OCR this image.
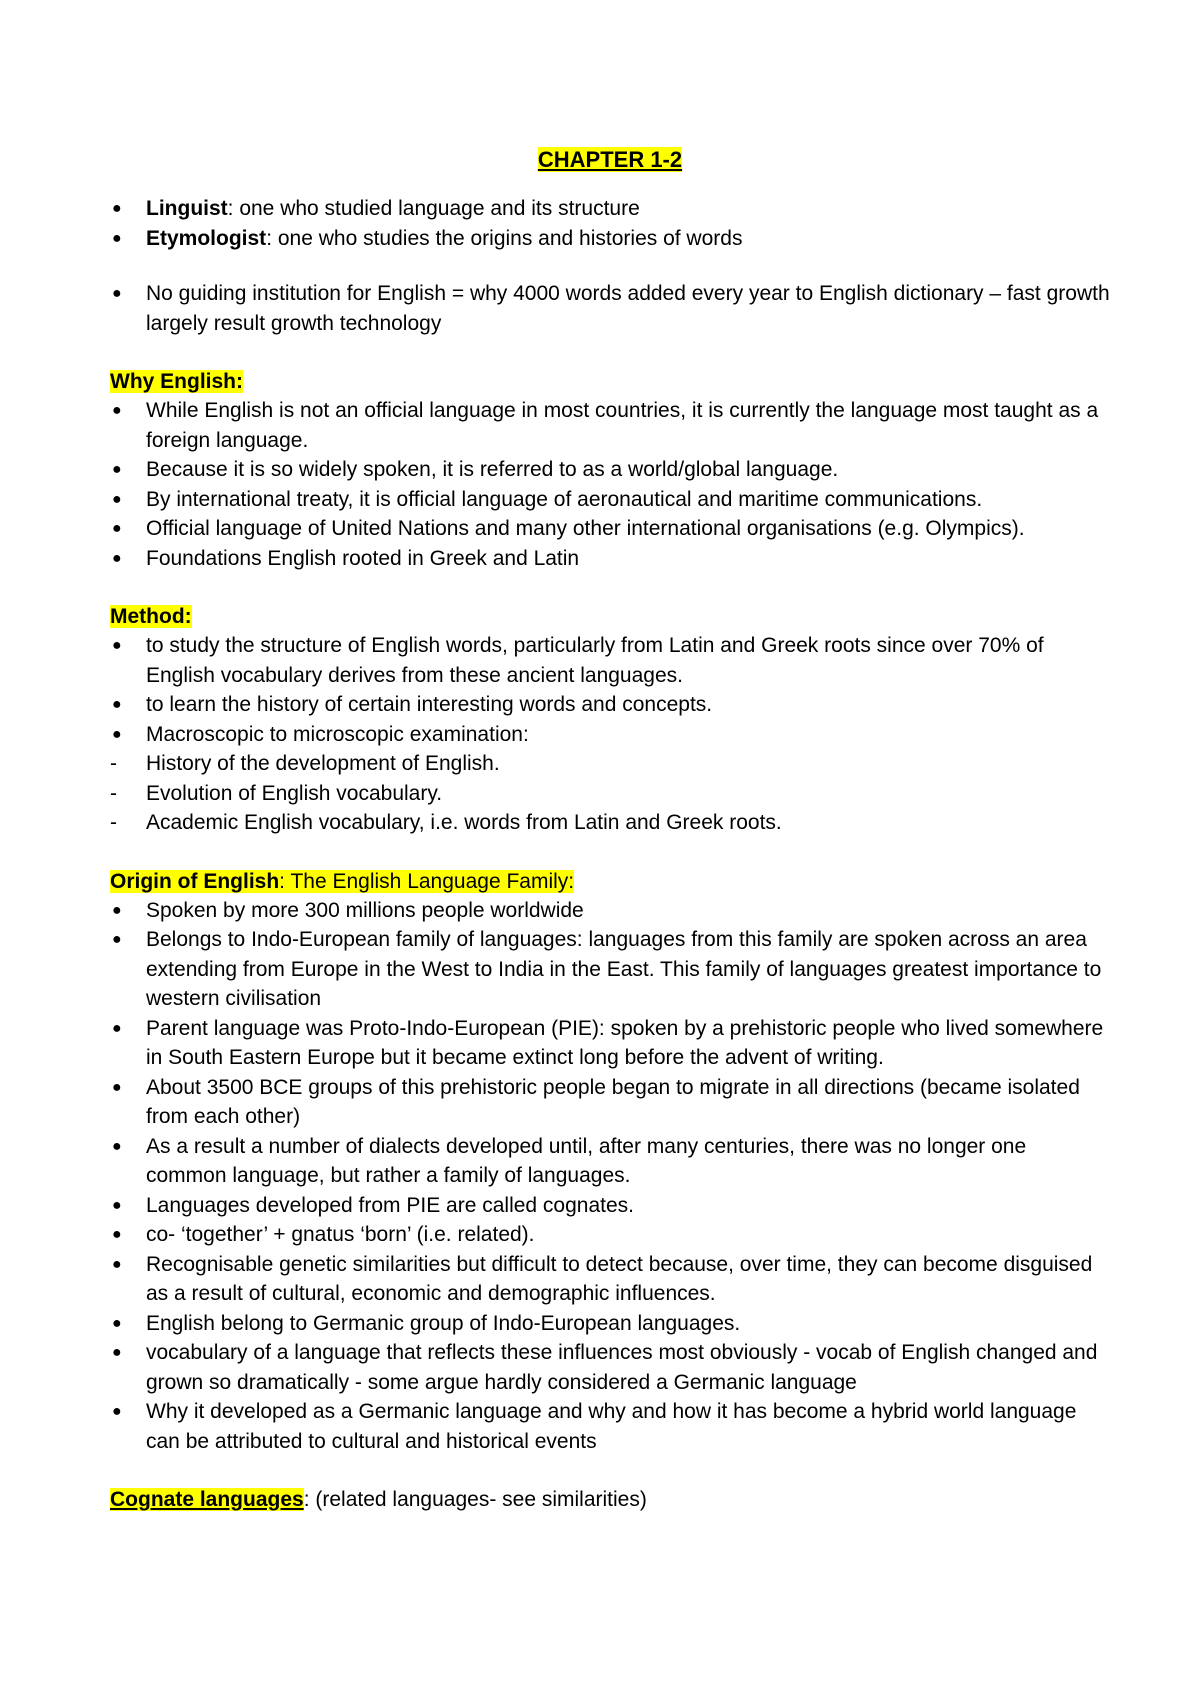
CHAPTER 1-2
●	Linguist: one who studied language and its structure
●	Etymologist: one who studies the origins and histories of words
●	No guiding institution for English = why 4000 words added every year to English dictionary – fast growth largely result growth technology
Why English:
●	While English is not an official language in most countries, it is currently the language most taught as a foreign language.
●	Because it is so widely spoken, it is referred to as a world/global language.
●	By international treaty, it is official language of aeronautical and maritime communications.
●	Official language of United Nations and many other international organisations (e.g. Olympics).
●	Foundations English rooted in Greek and Latin
Method:
●	to study the structure of English words, particularly from Latin and Greek roots since over 70% of English vocabulary derives from these ancient languages.
●	to learn the history of certain interesting words and concepts.
●	Macroscopic to microscopic examination:
-	History of the development of English.
-	Evolution of English vocabulary.
-	Academic English vocabulary, i.e. words from Latin and Greek roots.
Origin of English: The English Language Family:
●	Spoken by more 300 millions people worldwide
●	Belongs to Indo-European family of languages: languages from this family are spoken across an area extending from Europe in the West to India in the East. This family of languages greatest importance to western civilisation
●	Parent language was Proto-Indo-European (PIE): spoken by a prehistoric people who lived somewhere in South Eastern Europe but it became extinct long before the advent of writing.
●	About 3500 BCE groups of this prehistoric people began to migrate in all directions (became isolated from each other)
●	As a result a number of dialects developed until, after many centuries, there was no longer one common language, but rather a family of languages.
●	Languages developed from PIE are called cognates.
●	co- ‘together’ + gnatus ‘born’ (i.e. related).
●	Recognisable genetic similarities but difficult to detect because, over time, they can become disguised as a result of cultural, economic and demographic influences.
●	English belong to Germanic group of Indo-European languages.
●	vocabulary of a language that reflects these influences most obviously - vocab of English changed and grown so dramatically - some argue hardly considered a Germanic language
●	Why it developed as a Germanic language and why and how it has become a hybrid world language can be attributed to cultural and historical events
Cognate languages: (related languages- see similarities)
